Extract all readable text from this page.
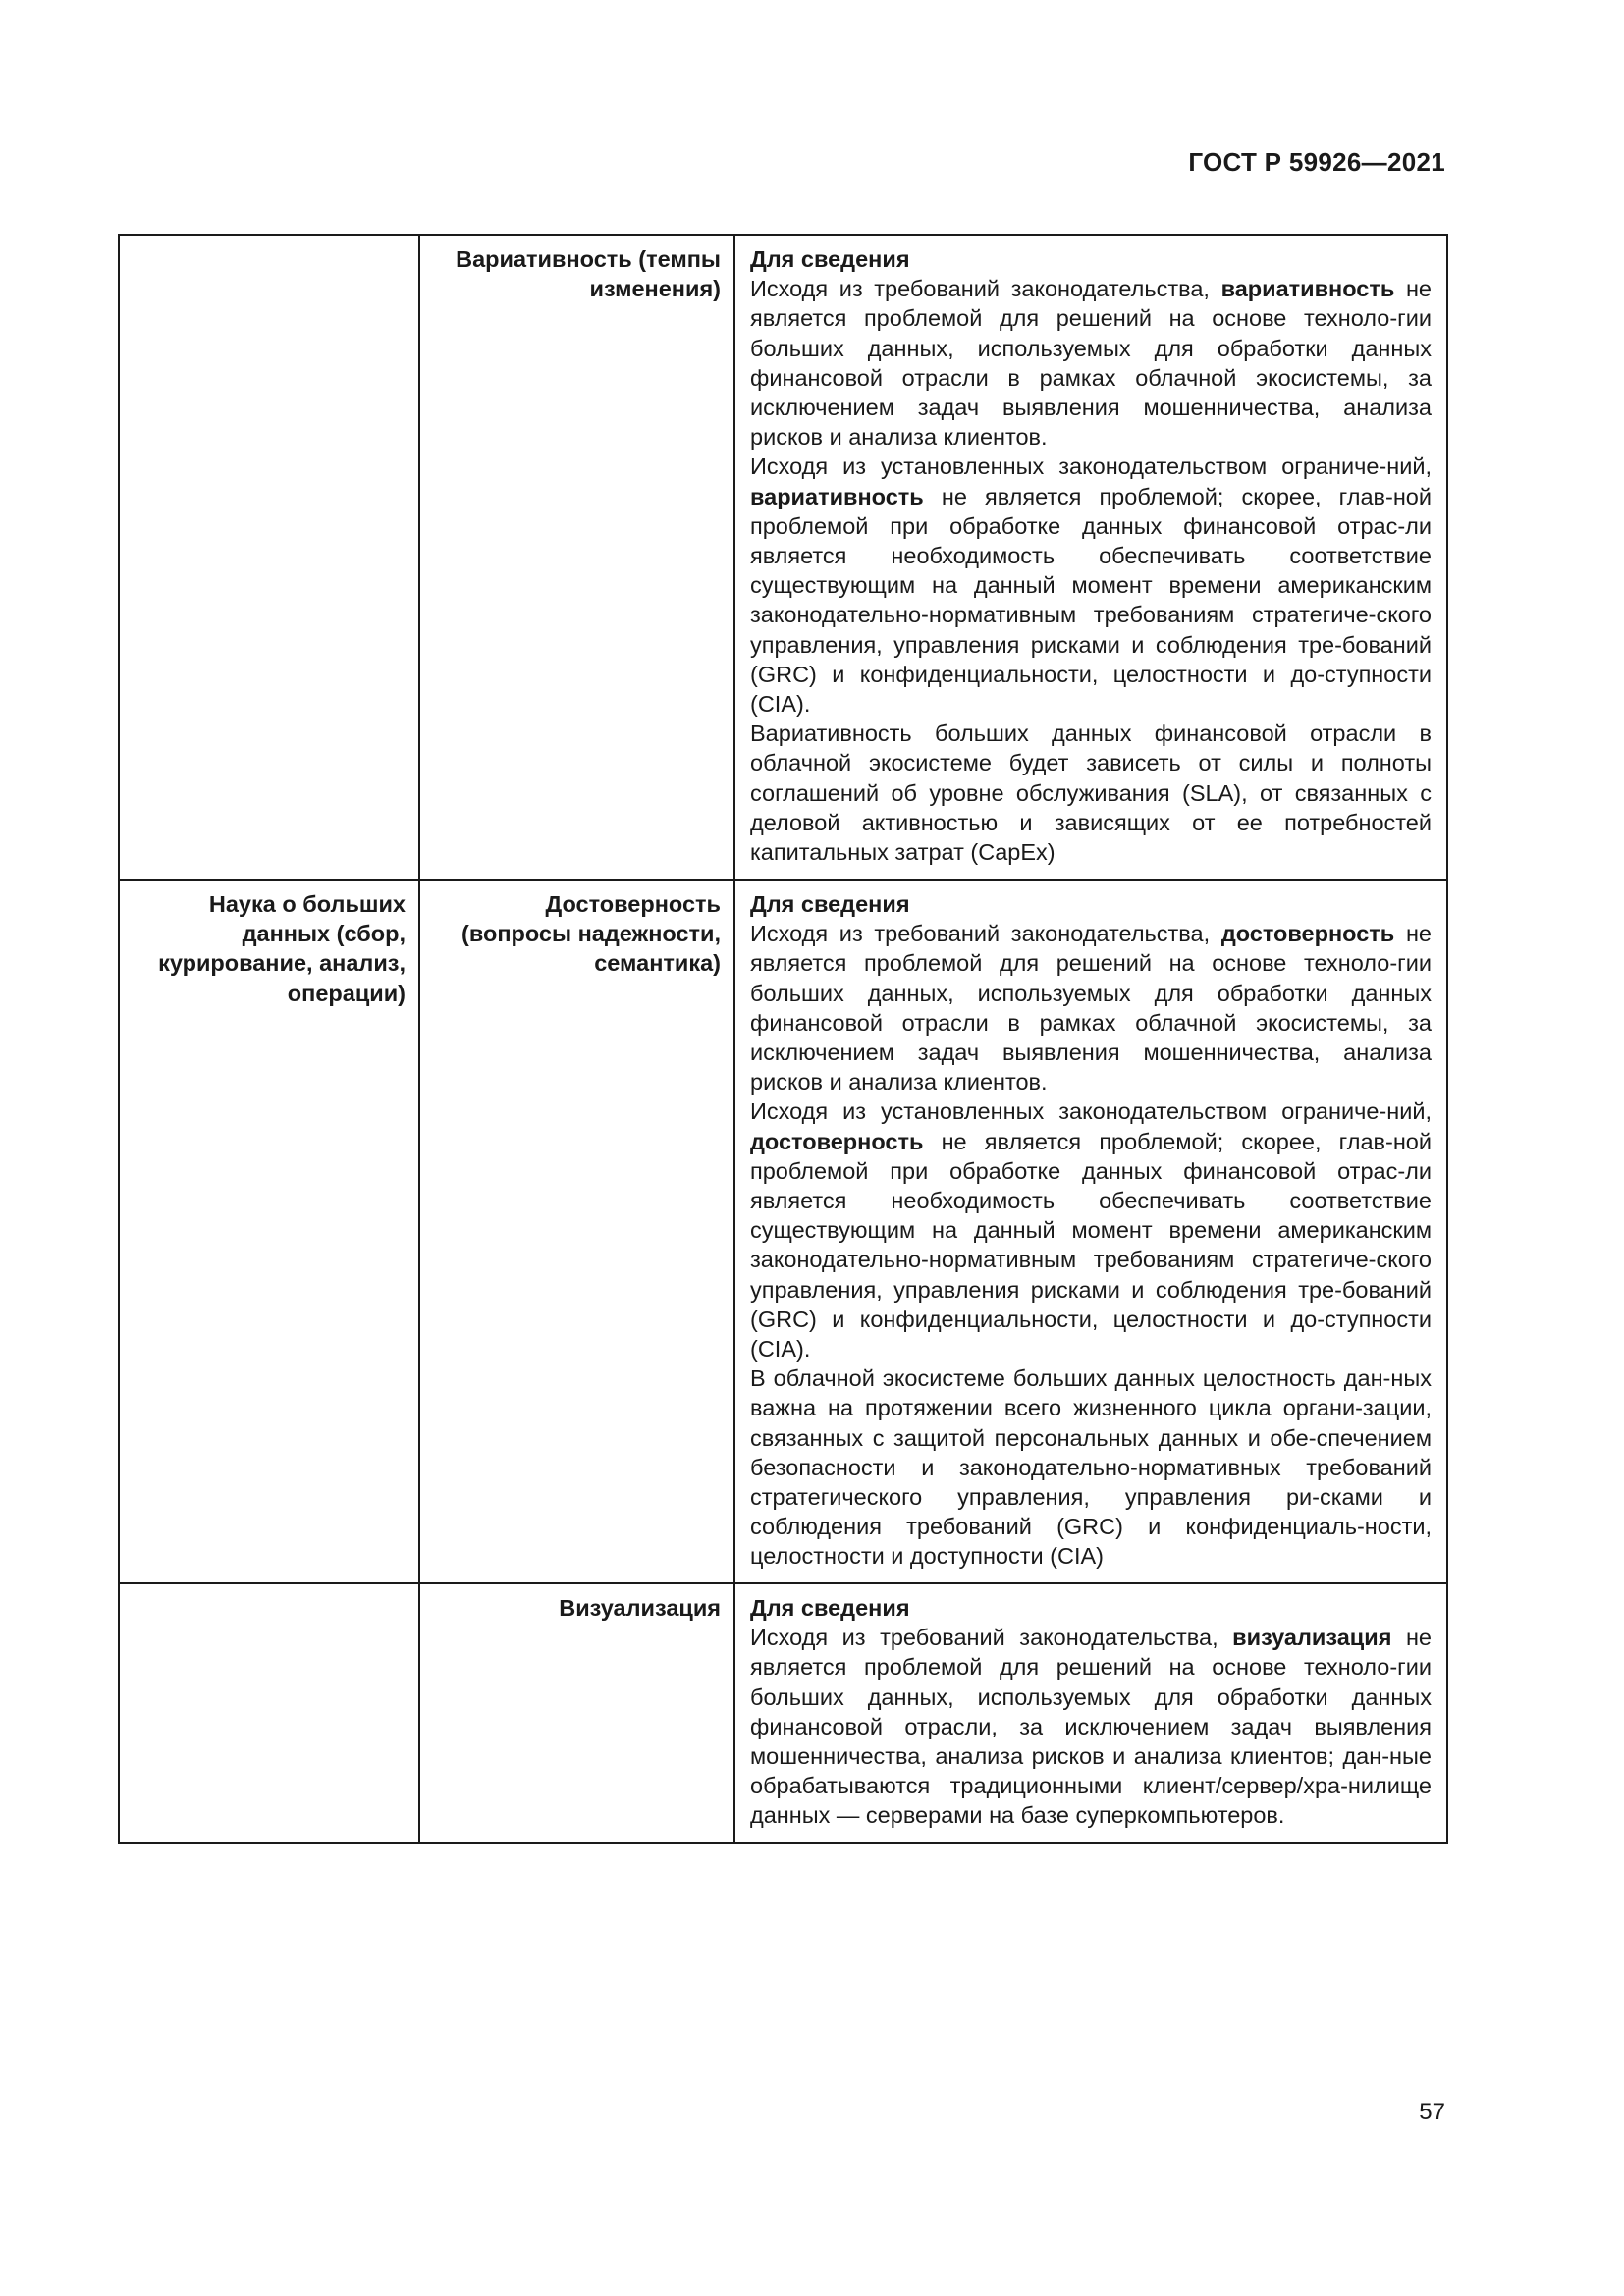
ГОСТ Р 59926—2021
	Вариативность (темпы изменения)	Для сведения

Исходя из требований законодательства, вариативность не является проблемой для решений на основе техноло-гии больших данных, используемых для обработки данных финансовой отрасли в рамках облачной экосистемы, за исключением задач выявления мошенничества, анализа рисков и анализа клиентов.

Исходя из установленных законодательством ограниче-ний, вариативность не является проблемой; скорее, глав-ной проблемой при обработке данных финансовой отрас-ли является необходимость обеспечивать соответствие существующим на данный момент времени американским законодательно-нормативным требованиям стратегиче-ского управления, управления рисками и соблюдения тре-бований (GRC) и конфиденциальности, целостности и до-ступности (CIA).

Вариативность больших данных финансовой отрасли в облачной экосистеме будет зависеть от силы и полноты соглашений об уровне обслуживания (SLA), от связанных с деловой активностью и зависящих от ее потребностей капитальных затрат (CapEx)

Наука о больших данных (сбор, курирование, анализ, операции)	Достоверность (вопросы надежности, семантика)	Для сведения

Исходя из требований законодательства, достоверность не является проблемой для решений на основе техноло-гии больших данных, используемых для обработки данных финансовой отрасли в рамках облачной экосистемы, за исключением задач выявления мошенничества, анализа рисков и анализа клиентов.

Исходя из установленных законодательством ограниче-ний, достоверность не является проблемой; скорее, глав-ной проблемой при обработке данных финансовой отрас-ли является необходимость обеспечивать соответствие существующим на данный момент времени американским законодательно-нормативным требованиям стратегиче-ского управления, управления рисками и соблюдения тре-бований (GRC) и конфиденциальности, целостности и до-ступности (CIA).

В облачной экосистеме больших данных целостность дан-ных важна на протяжении всего жизненного цикла органи-зации, связанных с защитой персональных данных и обе-спечением безопасности и законодательно-нормативных требований стратегического управления, управления ри-сками и соблюдения требований (GRC) и конфиденциаль-ности, целостности и доступности (CIA)

	Визуализация	Для сведения

Исходя из требований законодательства, визуализация не является проблемой для решений на основе техноло-гии больших данных, используемых для обработки данных финансовой отрасли, за исключением задач выявления мошенничества, анализа рисков и анализа клиентов; дан-ные обрабатываются традиционными клиент/сервер/хра-нилище данных — серверами на базе суперкомпьютеров.

57
